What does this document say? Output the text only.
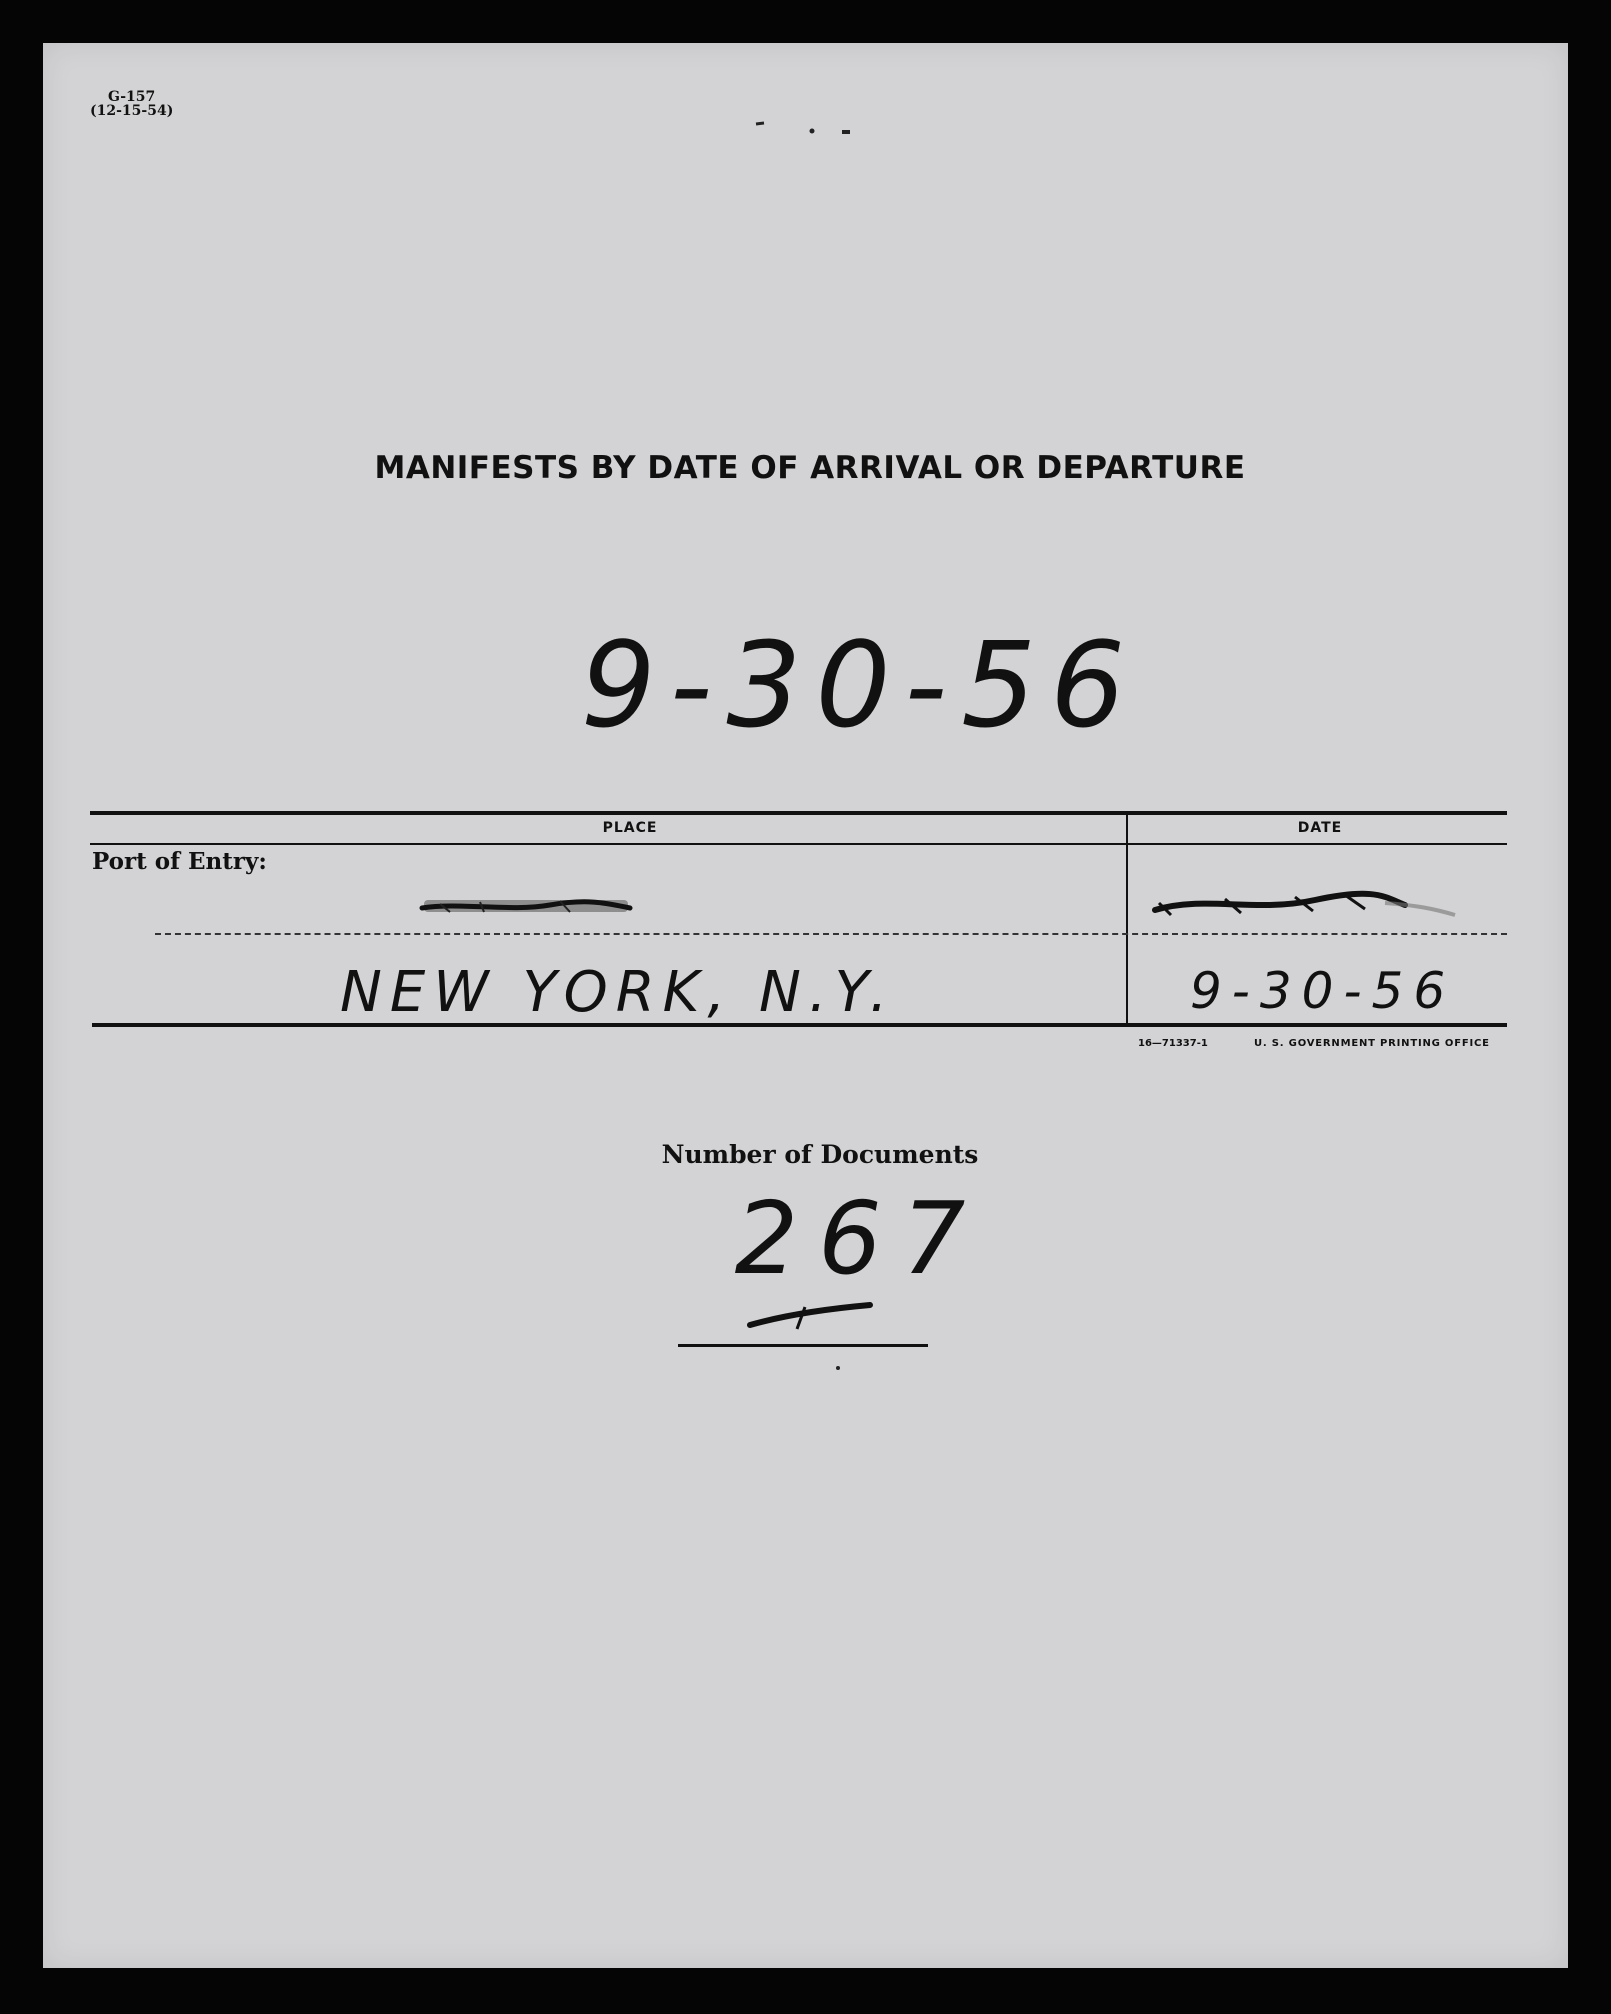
G-157
(12-15-54)
MANIFESTS BY DATE OF ARRIVAL OR DEPARTURE
9-30-56
PLACE	DATE
Port of Entry:
NEW YORK, N.Y.	9-30-56
16—71337-1	U. S. GOVERNMENT PRINTING OFFICE
Number of Documents
267
